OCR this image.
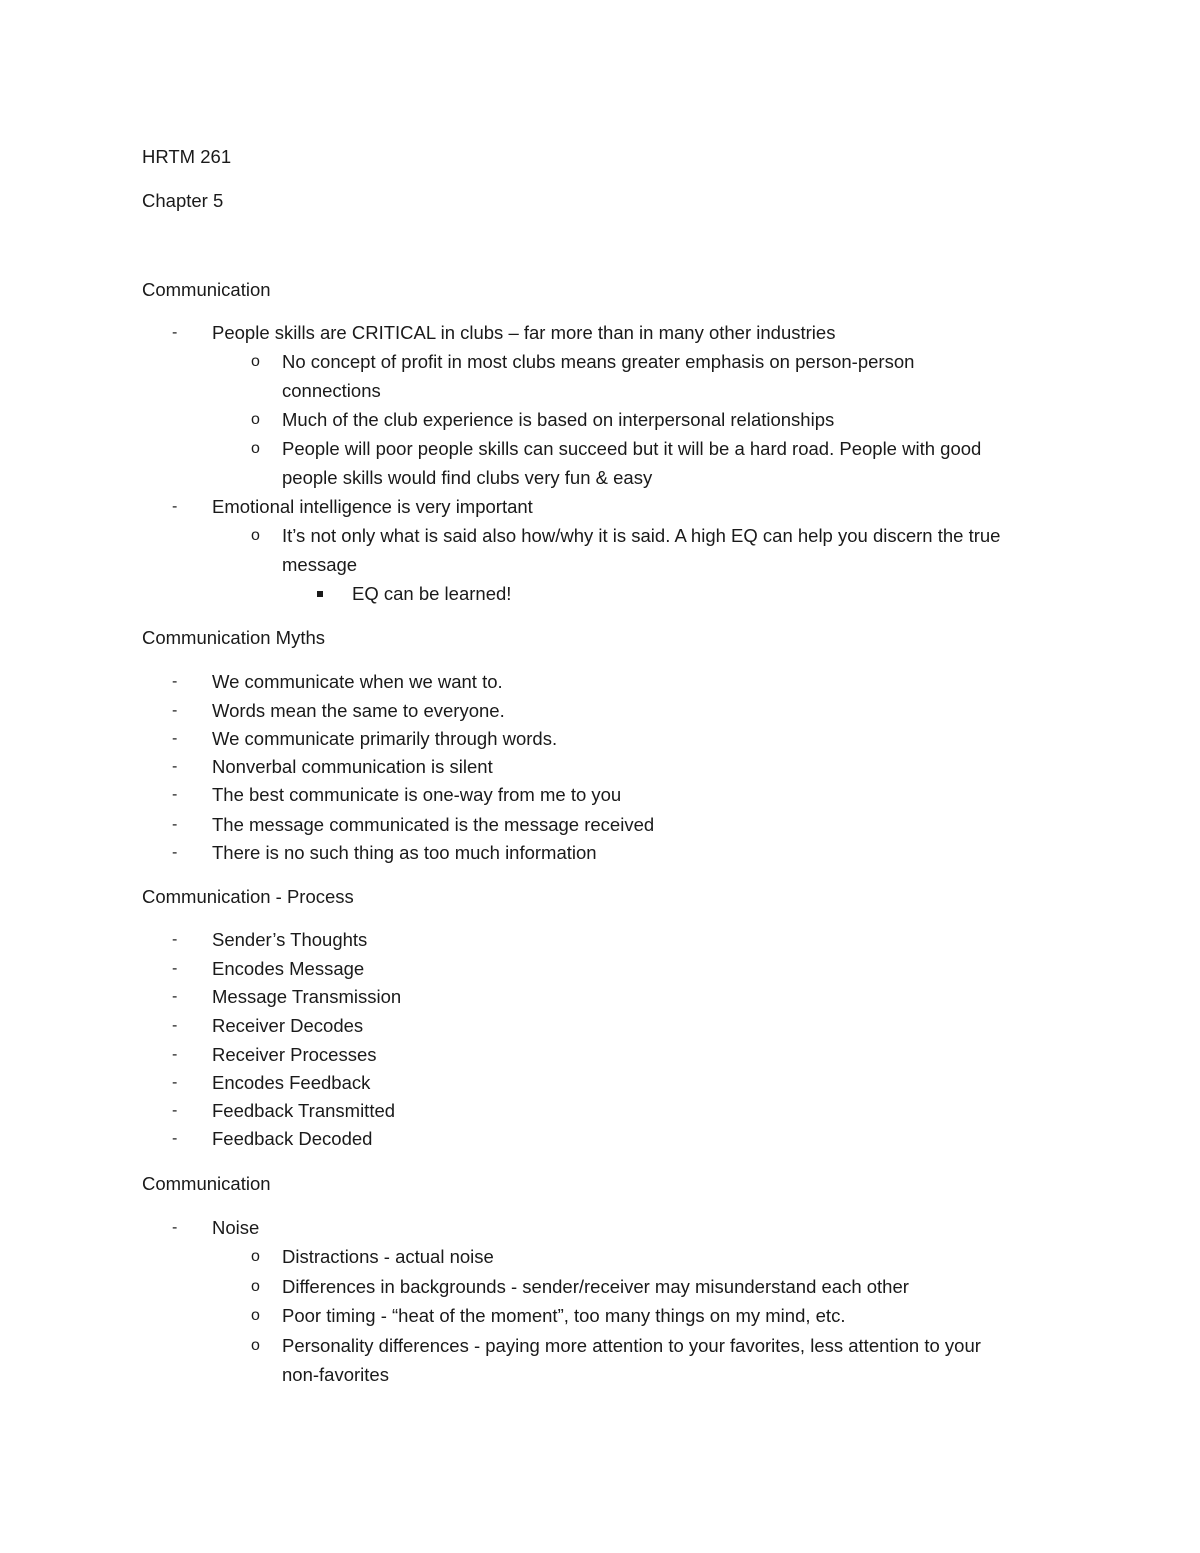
HRTM 261
Chapter 5
Communication
- People skills are CRITICAL in clubs – far more than in many other industries
o No concept of profit in most clubs means greater emphasis on person-person
connections
o Much of the club experience is based on interpersonal relationships
o People will poor people skills can succeed but it will be a hard road. People with good
people skills would find clubs very fun & easy
- Emotional intelligence is very important
o It’s not only what is said also how/why it is said. A high EQ can help you discern the true
message
EQ can be learned!
Communication Myths
- We communicate when we want to.
- Words mean the same to everyone.
- We communicate primarily through words.
- Nonverbal communication is silent
- The best communicate is one-way from me to you
- The message communicated is the message received
- There is no such thing as too much information
Communication - Process
- Sender’s Thoughts
- Encodes Message
- Message Transmission
- Receiver Decodes
- Receiver Processes
- Encodes Feedback
- Feedback Transmitted
- Feedback Decoded
Communication
- Noise
o Distractions - actual noise
o Differences in backgrounds - sender/receiver may misunderstand each other
o Poor timing - “heat of the moment”, too many things on my mind, etc.
o Personality differences - paying more attention to your favorites, less attention to your
non-favorites
